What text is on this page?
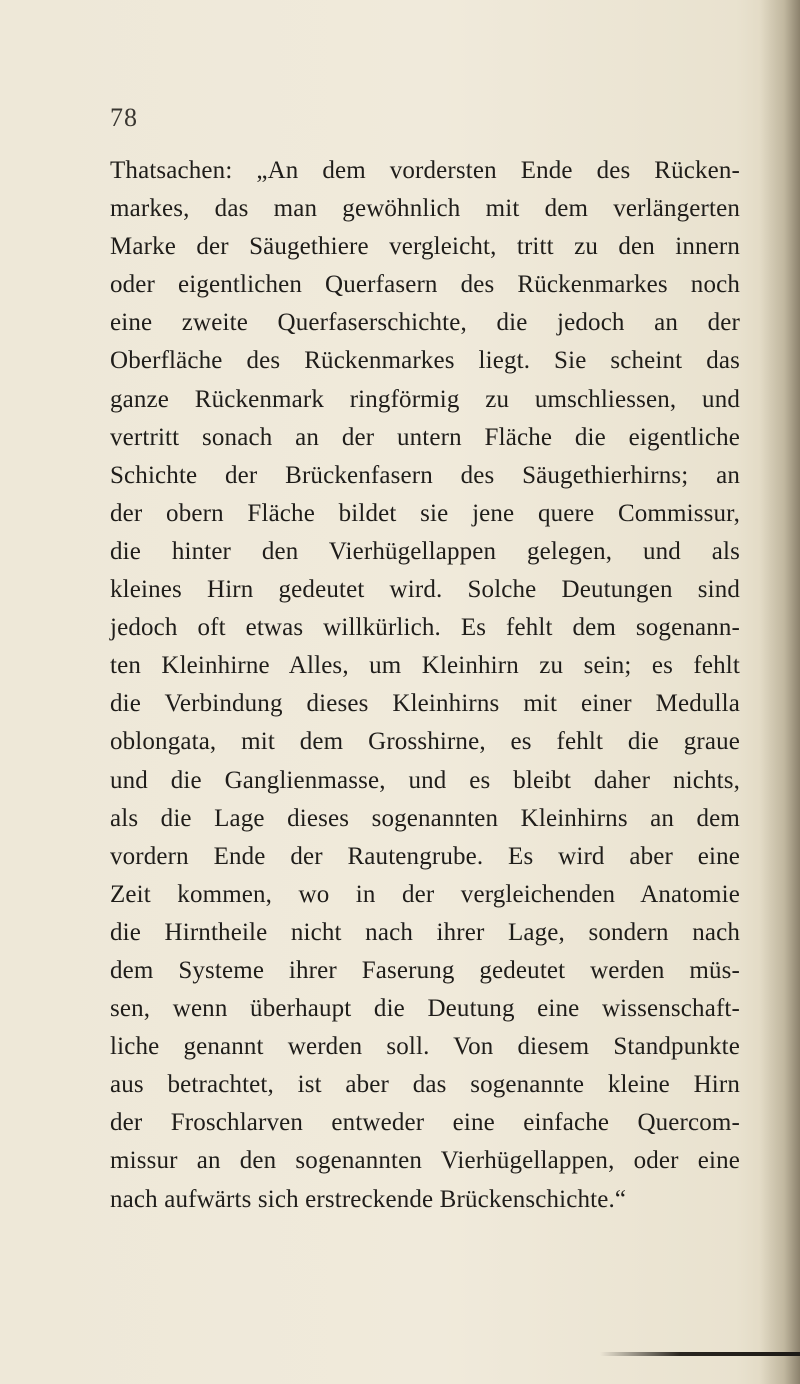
78
Thatsachen: „An dem vordersten Ende des Rücken-
markes, das man gewöhnlich mit dem verlängerten
Marke der Säugethiere vergleicht, tritt zu den innern
oder eigentlichen Querfasern des Rückenmarkes noch
eine zweite Querfaserschichte, die jedoch an der
Oberfläche des Rückenmarkes liegt. Sie scheint das
ganze Rückenmark ringförmig zu umschliessen, und
vertritt sonach an der untern Fläche die eigentliche
Schichte der Brückenfasern des Säugethierhirns; an
der obern Fläche bildet sie jene quere Commissur,
die hinter den Vierhügellappen gelegen, und als
kleines Hirn gedeutet wird. Solche Deutungen sind
jedoch oft etwas willkürlich. Es fehlt dem sogenann-
ten Kleinhirne Alles, um Kleinhirn zu sein; es fehlt
die Verbindung dieses Kleinhirns mit einer Medulla
oblongata, mit dem Grosshirne, es fehlt die graue
und die Ganglienmasse, und es bleibt daher nichts,
als die Lage dieses sogenannten Kleinhirns an dem
vordern Ende der Rautengrube. Es wird aber eine
Zeit kommen, wo in der vergleichenden Anatomie
die Hirntheile nicht nach ihrer Lage, sondern nach
dem Systeme ihrer Faserung gedeutet werden müs-
sen, wenn überhaupt die Deutung eine wissenschaft-
liche genannt werden soll. Von diesem Standpunkte
aus betrachtet, ist aber das sogenannte kleine Hirn
der Froschlarven entweder eine einfache Quercom-
missur an den sogenannten Vierhügellappen, oder eine
nach aufwärts sich erstreckende Brückenschichte.“
